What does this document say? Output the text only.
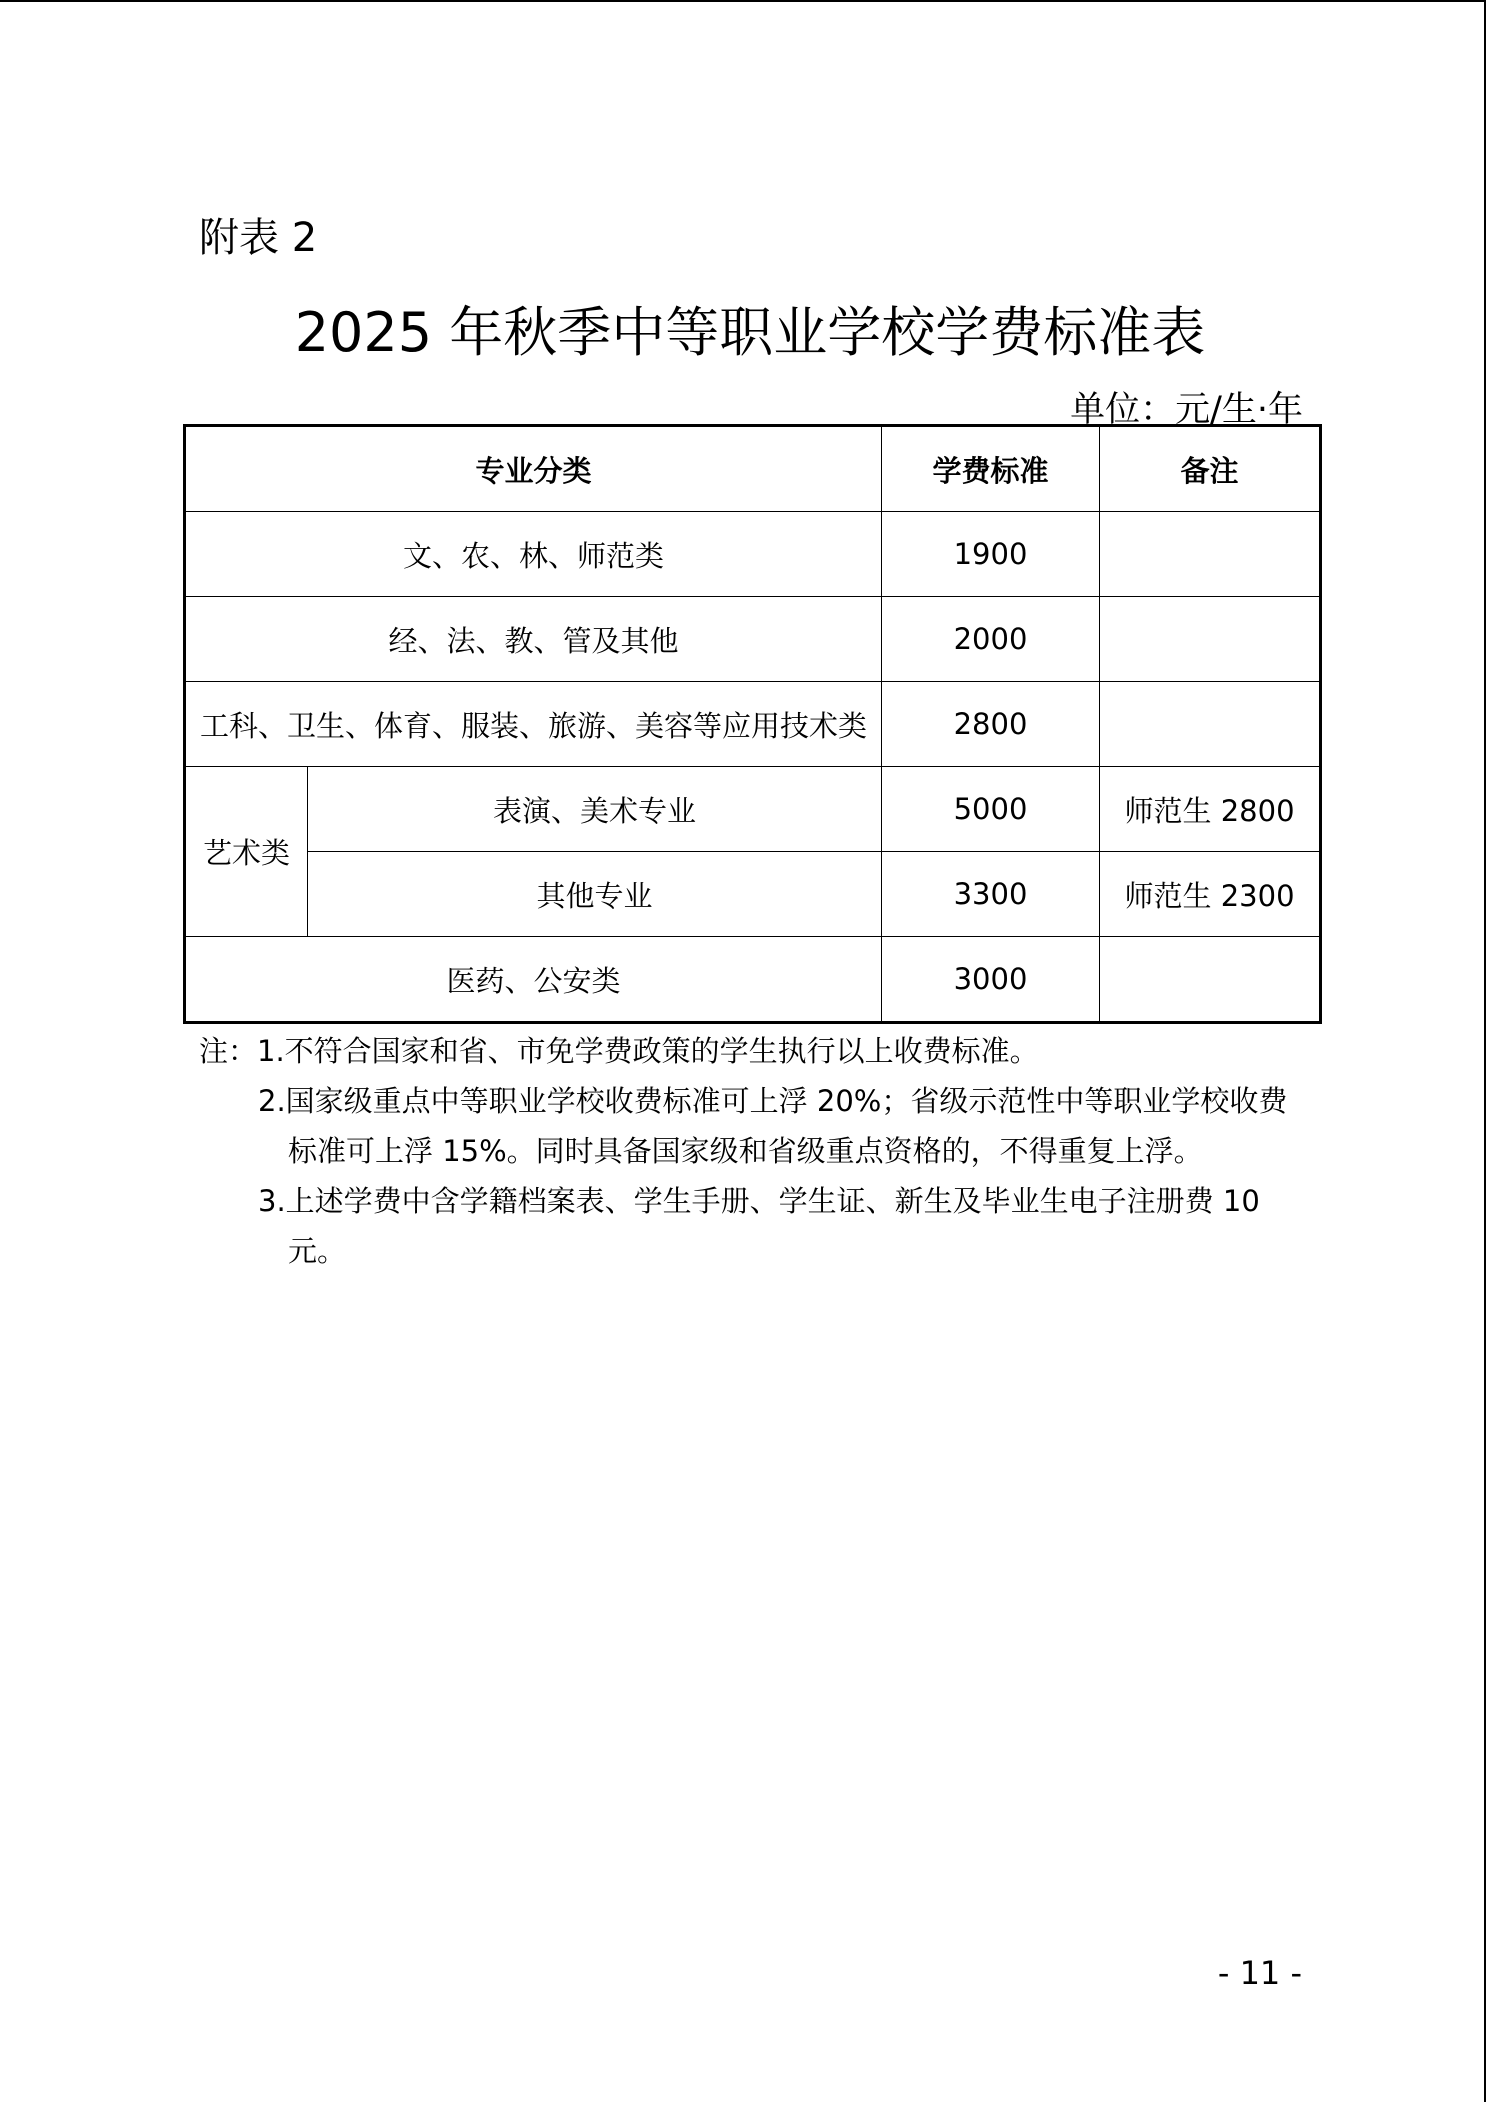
附表 2
2025 年秋季中等职业学校学费标准表
单位：元/生·年
专业分类		学费标准	备注
文、农、林、师范类		1900	
经、法、教、管及其他		2000	
工科、卫生、体育、服装、旅游、美容等应用技术类		2800	
艺术类	表演、美术专业	5000	师范生 2800
	其他专业	3300	师范生 2300
医药、公安类		3000	
注：1.不符合国家和省、市免学费政策的学生执行以上收费标准。
2.国家级重点中等职业学校收费标准可上浮 20%；省级示范性中等职业学校收费
标准可上浮 15%。同时具备国家级和省级重点资格的，不得重复上浮。
3.上述学费中含学籍档案表、学生手册、学生证、新生及毕业生电子注册费 10
元。
- 11 -
